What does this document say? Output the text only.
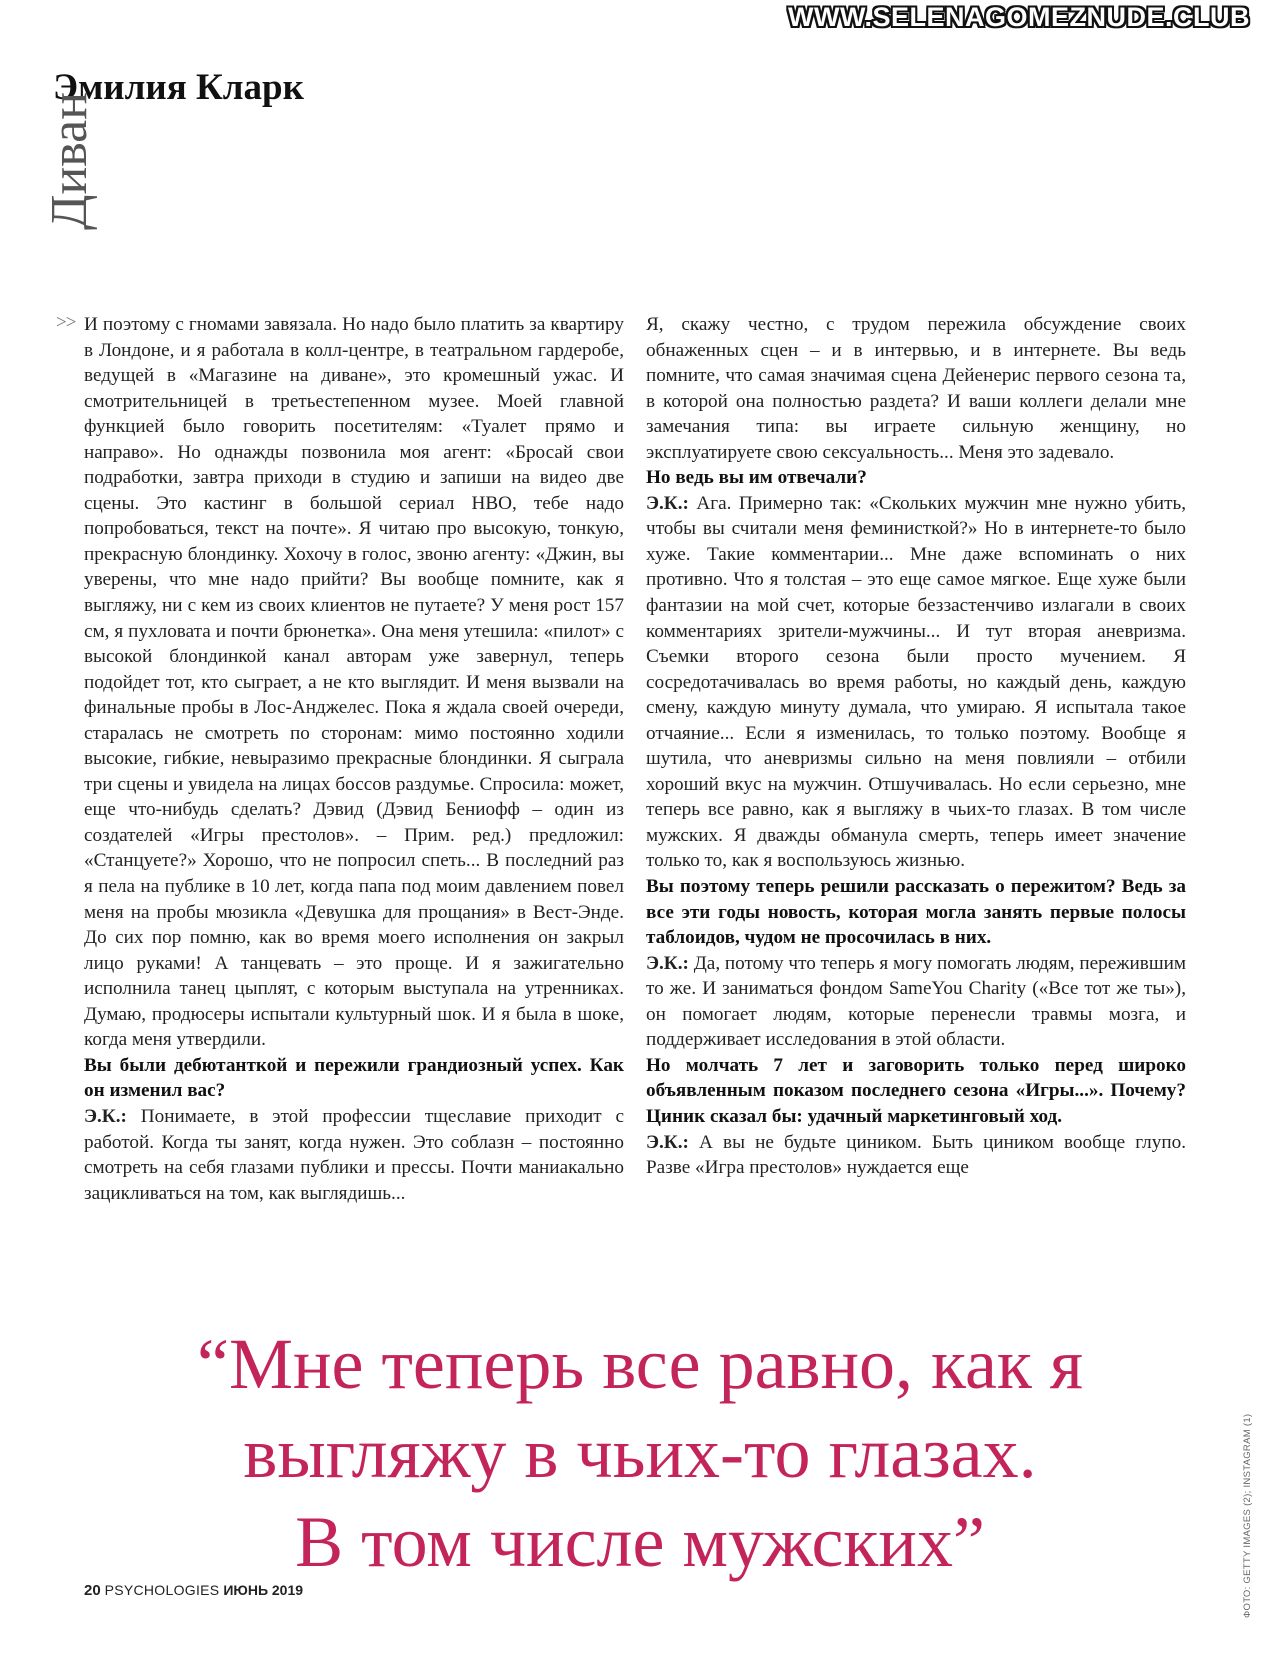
WWW.SELENAGOMEZNUDE.CLUB
Эмилия Кларк
Диван
>> И поэтому с гномами завязала. Но надо было платить за квартиру в Лондоне, и я работала в колл-центре, в театральном гардеробе, ведущей в «Магазине на диване», это кромешный ужас. И смотрительницей в третьестепенном музее. Моей главной функцией было говорить посетителям: «Туалет прямо и направо». Но однажды позвонила моя агент: «Бросай свои подработки, завтра приходи в студию и запиши на видео две сцены. Это кастинг в большой сериал HBO, тебе надо попробоваться, текст на почте». Я читаю про высокую, тонкую, прекрасную блондинку. Хохочу в голос, звоню агенту: «Джин, вы уверены, что мне надо прийти? Вы вообще помните, как я выгляжу, ни с кем из своих клиентов не путаете? У меня рост 157 см, я пухловата и почти брюнетка». Она меня утешила: «пилот» с высокой блондинкой канал авторам уже завернул, теперь подойдет тот, кто сыграет, а не кто выглядит. И меня вызвали на финальные пробы в Лос-Анджелес. Пока я ждала своей очереди, старалась не смотреть по сторонам: мимо постоянно ходили высокие, гибкие, невыразимо прекрасные блондинки. Я сыграла три сцены и увидела на лицах боссов раздумье. Спросила: может, еще что-нибудь сделать? Дэвид (Дэвид Бениофф – один из создателей «Игры престолов». – Прим. ред.) предложил: «Станцуете?» Хорошо, что не попросил спеть... В последний раз я пела на публике в 10 лет, когда папа под моим давлением повел меня на пробы мюзикла «Девушка для прощания» в Вест-Энде. До сих пор помню, как во время моего исполнения он закрыл лицо руками! А танцевать – это проще. И я зажигательно исполнила танец цыплят, с которым выступала на утренниках. Думаю, продюсеры испытали культурный шок. И я была в шоке, когда меня утвердили.

Вы были дебютанткой и пережили грандиозный успех. Как он изменил вас?

Э.К.: Понимаете, в этой профессии тщеславие приходит с работой. Когда ты занят, когда нужен. Это соблазн – постоянно смотреть на себя глазами публики и прессы. Почти маниакально зацикливаться на том, как выглядишь...

Я, скажу честно, с трудом пережила обсуждение своих обнаженных сцен – и в интервью, и в интернете. Вы ведь помните, что самая значимая сцена Дейенерис первого сезона та, в которой она полностью раздета? И ваши коллеги делали мне замечания типа: вы играете сильную женщину, но эксплуатируете свою сексуальность... Меня это задевало.

Но ведь вы им отвечали?

Э.К.: Ага. Примерно так: «Скольких мужчин мне нужно убить, чтобы вы считали меня феминисткой?» Но в интернете-то было хуже. Такие комментарии... Мне даже вспоминать о них противно. Что я толстая – это еще самое мягкое. Еще хуже были фантазии на мой счет, которые беззастенчиво излагали в своих комментариях зрители-мужчины... И тут вторая аневризма. Съемки второго сезона были просто мучением. Я сосредотачивалась во время работы, но каждый день, каждую смену, каждую минуту думала, что умираю. Я испытала такое отчаяние... Если я изменилась, то только поэтому. Вообще я шутила, что аневризмы сильно на меня повлияли – отбили хороший вкус на мужчин. Отшучивалась. Но если серьезно, мне теперь все равно, как я выгляжу в чьих-то глазах. В том числе мужских. Я дважды обманула смерть, теперь имеет значение только то, как я воспользуюсь жизнью.

Вы поэтому теперь решили рассказать о пережитом? Ведь за все эти годы новость, которая могла занять первые полосы таблоидов, чудом не просочилась в них.

Э.К.: Да, потому что теперь я могу помогать людям, пережившим то же. И заниматься фондом SameYou Charity («Все тот же ты»), он помогает людям, которые перенесли травмы мозга, и поддерживает исследования в этой области.

Но молчать 7 лет и заговорить только перед широко объявленным показом последнего сезона «Игры...». Почему? Циник сказал бы: удачный маркетинговый ход.

Э.К.: А вы не будьте циником. Быть циником вообще глупо. Разве «Игра престолов» нуждается еще

“Мне теперь все равно, как я
выгляжу в чьих-то глазах.
В том числе мужских”	ФОТО: GETTY IMAGES (2); INSTAGRAM (1)
20 PSYCHOLOGIES ИЮНЬ 2019
